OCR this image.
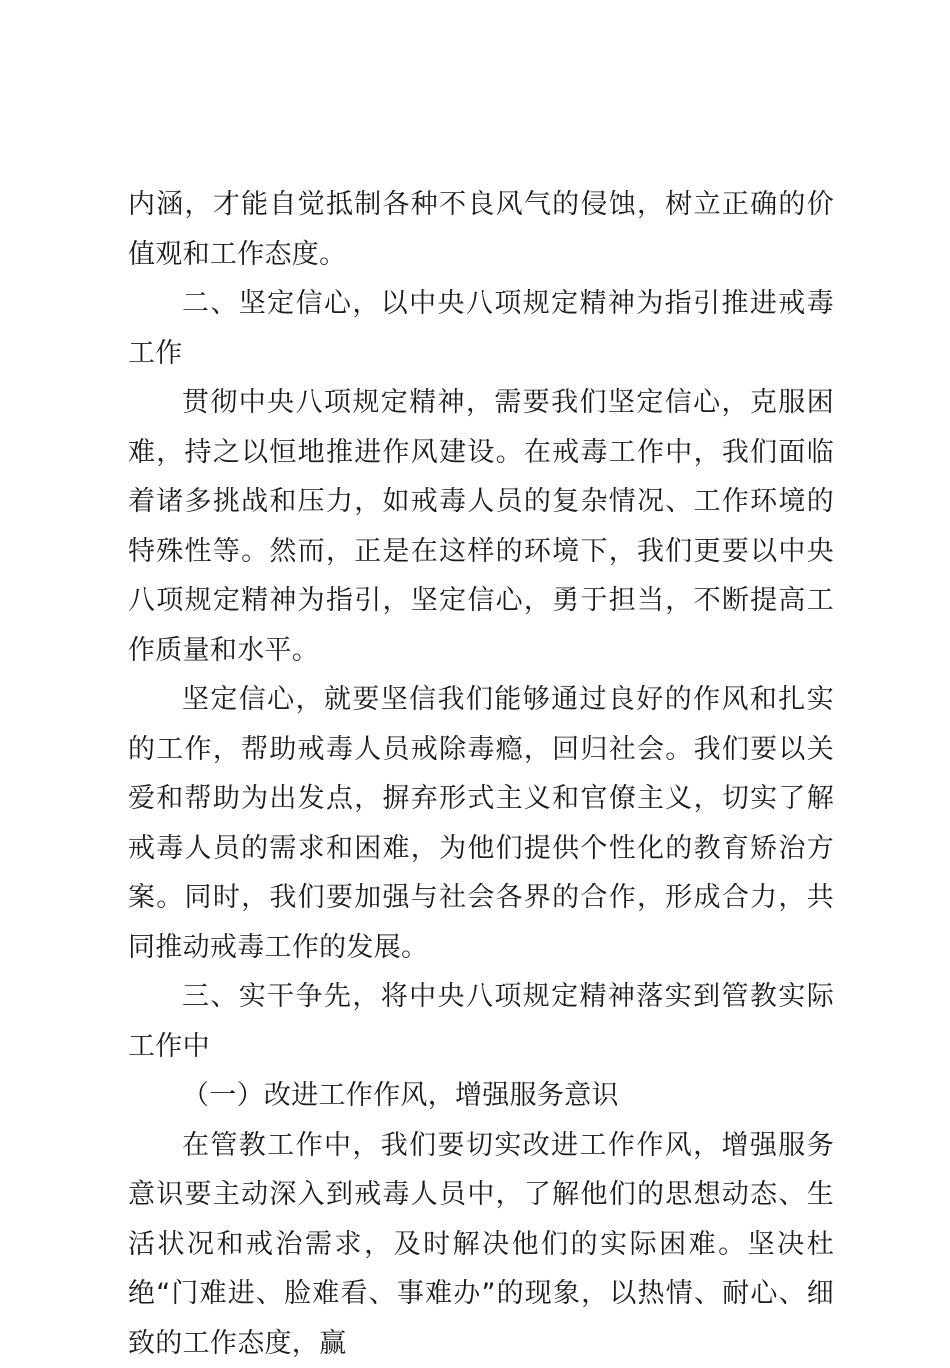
内涵，才能自觉抵制各种不良风气的侵蚀，树立正确的价值观和工作态度。

二、坚定信心，以中央八项规定精神为指引推进戒毒工作

贯彻中央八项规定精神，需要我们坚定信心，克服困难，持之以恒地推进作风建设。在戒毒工作中，我们面临着诸多挑战和压力，如戒毒人员的复杂情况、工作环境的特殊性等。然而，正是在这样的环境下，我们更要以中央八项规定精神为指引，坚定信心，勇于担当，不断提高工作质量和水平。

坚定信心，就要坚信我们能够通过良好的作风和扎实的工作，帮助戒毒人员戒除毒瘾，回归社会。我们要以关爱和帮助为出发点，摒弃形式主义和官僚主义，切实了解戒毒人员的需求和困难，为他们提供个性化的教育矫治方案。同时，我们要加强与社会各界的合作，形成合力，共同推动戒毒工作的发展。

三、实干争先，将中央八项规定精神落实到管教实际工作中

（一）改进工作作风，增强服务意识

在管教工作中，我们要切实改进工作作风，增强服务意识要主动深入到戒毒人员中，了解他们的思想动态、生活状况和戒治需求，及时解决他们的实际困难。坚决杜绝“门难进、脸难看、事难办”的现象，以热情、耐心、细致的工作态度，赢
